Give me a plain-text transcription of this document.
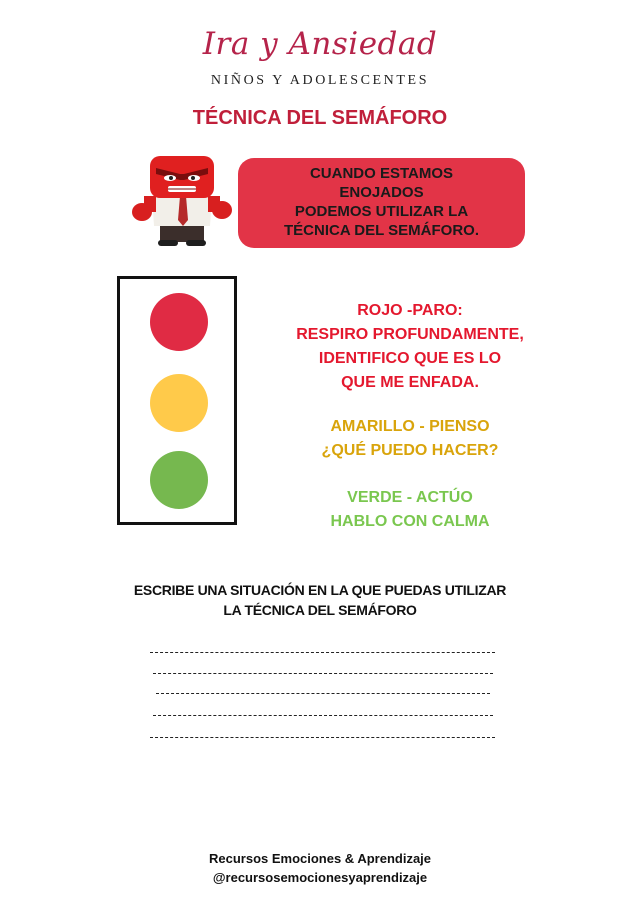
Ira y Ansiedad
NIÑOS Y ADOLESCENTES
TÉCNICA DEL SEMÁFORO
CUANDO ESTAMOS
ENOJADOS
PODEMOS UTILIZAR LA
TÉCNICA DEL SEMÁFORO.
ROJO -PARO:
RESPIRO PROFUNDAMENTE,
IDENTIFICO QUE ES LO
QUE ME ENFADA.
AMARILLO - PIENSO
¿QUÉ PUEDO HACER?
VERDE - ACTÚO
HABLO CON CALMA
ESCRIBE UNA SITUACIÓN EN LA QUE PUEDAS UTILIZAR
LA TÉCNICA DEL SEMÁFORO
Recursos Emociones & Aprendizaje
@recursosemocionesyaprendizaje
